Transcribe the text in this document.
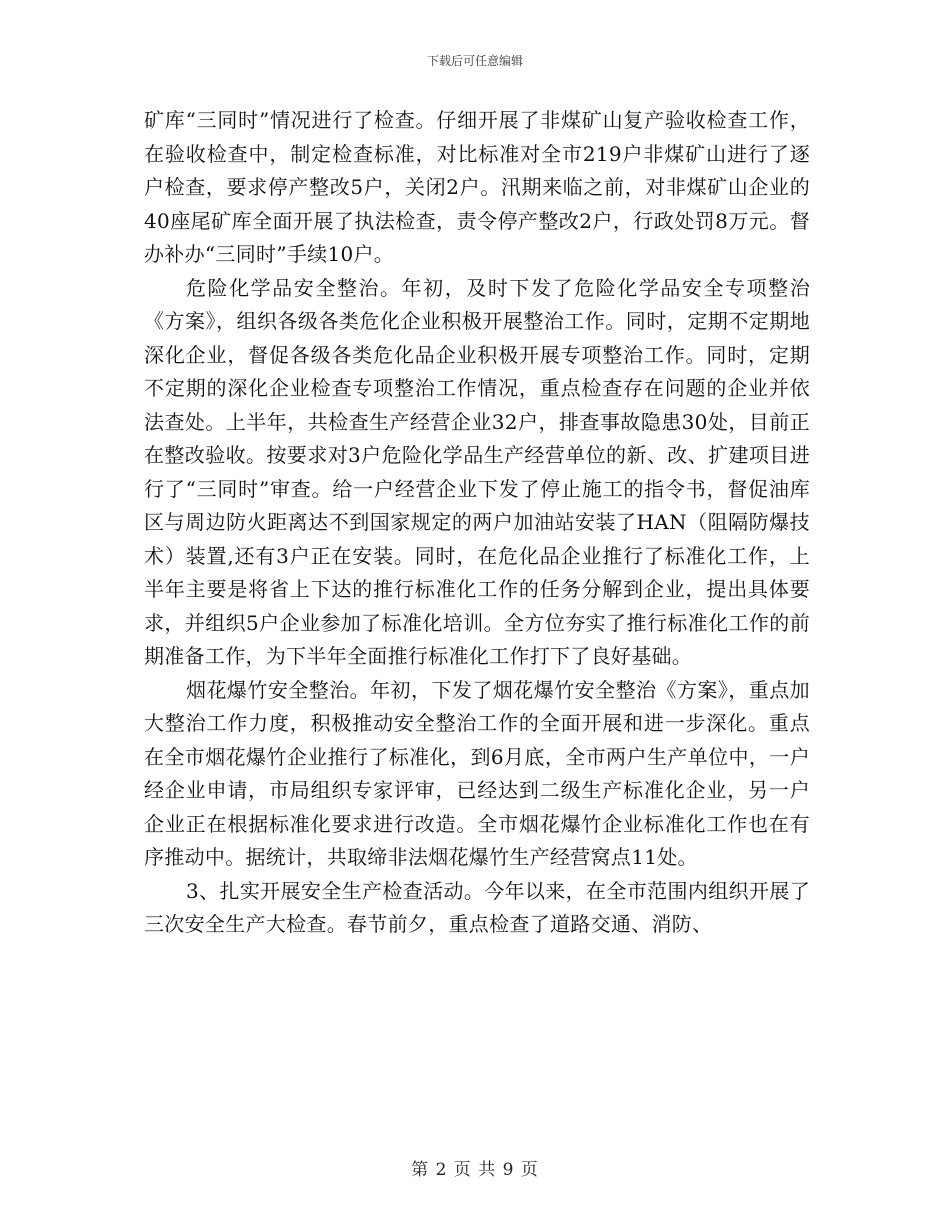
下载后可任意编辑

矿库“三同时”情况进行了检查。仔细开展了非煤矿山复产验收检查工作，在验收检查中，制定检查标准，对比标准对全市219户非煤矿山进行了逐户检查，要求停产整改5户，关闭2户。汛期来临之前，对非煤矿山企业的40座尾矿库全面开展了执法检查，责令停产整改2户，行政处罚8万元。督办补办“三同时”手续10户。

危险化学品安全整治。年初，及时下发了危险化学品安全专项整治《方案》，组织各级各类危化企业积极开展整治工作。同时，定期不定期地深化企业，督促各级各类危化品企业积极开展专项整治工作。同时，定期不定期的深化企业检查专项整治工作情况，重点检查存在问题的企业并依法查处。上半年，共检查生产经营企业32户，排查事故隐患30处，目前正在整改验收。按要求对3户危险化学品生产经营单位的新、改、扩建项目进行了“三同时”审查。给一户经营企业下发了停止施工的指令书，督促油库区与周边防火距离达不到国家规定的两户加油站安装了HAN（阻隔防爆技术）装置,还有3户正在安装。同时，在危化品企业推行了标准化工作，上半年主要是将省上下达的推行标准化工作的任务分解到企业，提出具体要求，并组织5户企业参加了标准化培训。全方位夯实了推行标准化工作的前期准备工作，为下半年全面推行标准化工作打下了良好基础。

烟花爆竹安全整治。年初，下发了烟花爆竹安全整治《方案》，重点加大整治工作力度，积极推动安全整治工作的全面开展和进一步深化。重点在全市烟花爆竹企业推行了标准化，到6月底，全市两户生产单位中，一户经企业申请，市局组织专家评审，已经达到二级生产标准化企业，另一户企业正在根据标准化要求进行改造。全市烟花爆竹企业标准化工作也在有序推动中。据统计，共取缔非法烟花爆竹生产经营窝点11处。

3、扎实开展安全生产检查活动。今年以来，在全市范围内组织开展了三次安全生产大检查。春节前夕，重点检查了道路交通、消防、

第 2 页 共 9 页
